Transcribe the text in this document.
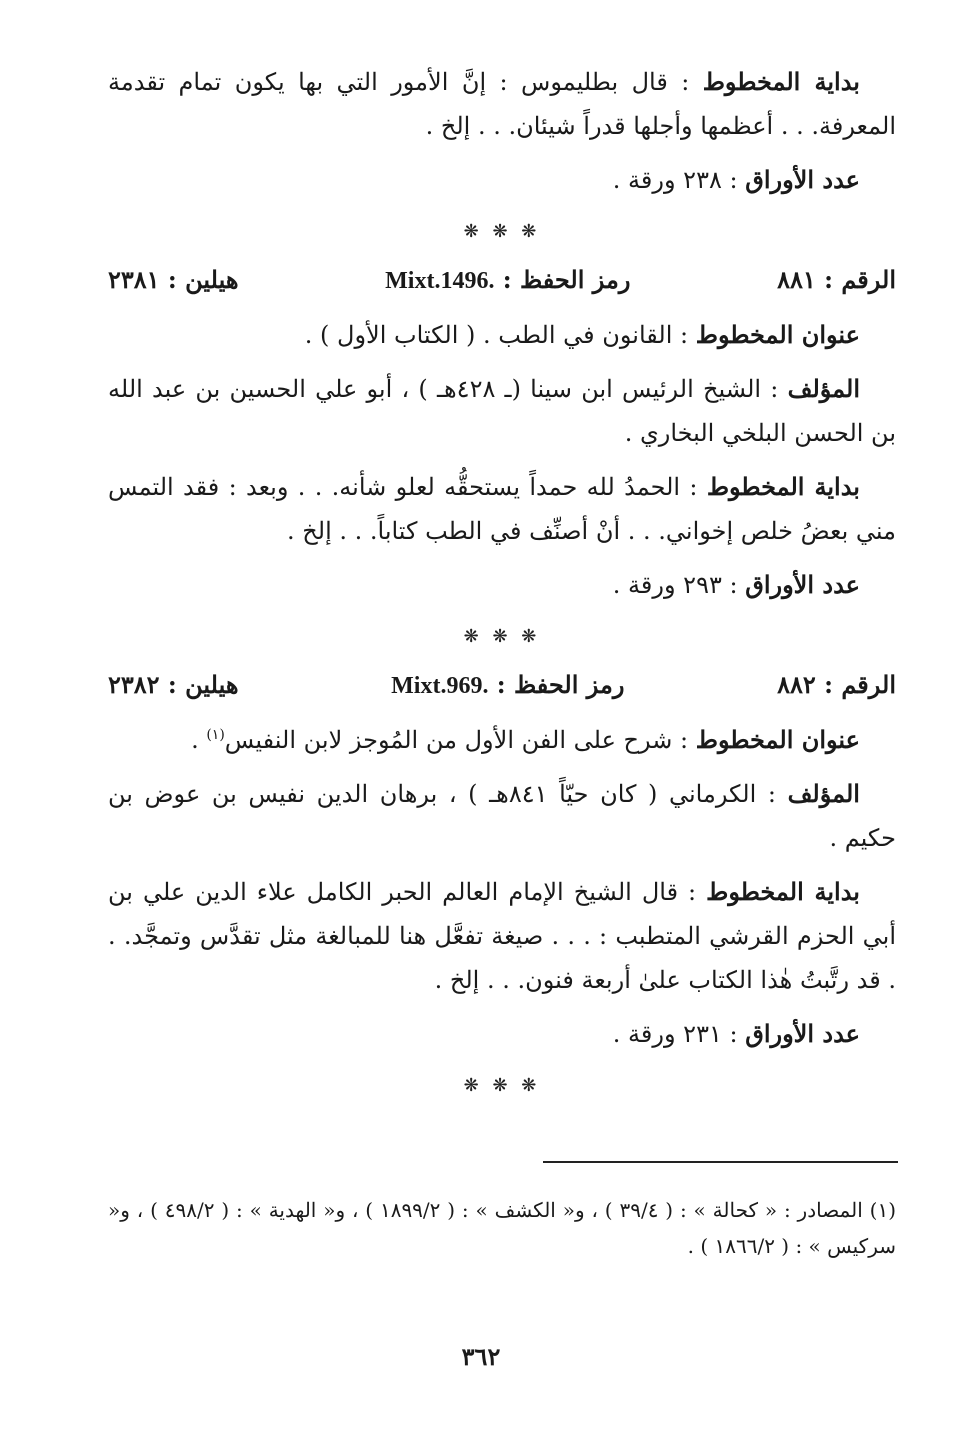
بداية المخطوط : قال بطليموس : إنَّ الأمور التي بها يكون تمام تقدمة المعرفة. . . أعظمها وأجلها قدراً شيئان. . . إلخ .

عدد الأوراق : ٢٣٨ ورقة .

❋ ❋ ❋
الرقم : ٨٨١
رمز الحفظ : Mixt.1496.
هيلين : ٢٣٨١

عنوان المخطوط : القانون في الطب . ( الكتاب الأول ) .

المؤلف : الشيخ الرئيس ابن سينا (ـ ٤٢٨هـ ) ، أبو علي الحسين بن عبد الله بن الحسن البلخي البخاري .

بداية المخطوط : الحمدُ لله حمداً يستحقُّه لعلو شأنه. . . وبعد : فقد التمس مني بعضُ خلص إخواني. . . أنْ أصنِّف في الطب كتاباً. . . إلخ .

عدد الأوراق : ٢٩٣ ورقة .

❋ ❋ ❋
الرقم : ٨٨٢
رمز الحفظ : Mixt.969.
هيلين : ٢٣٨٢

عنوان المخطوط : شرح على الفن الأول من المُوجز لابن النفيس$^{(١)}$ .

المؤلف : الكرماني ( كان حيّاً ٨٤١هـ ) ، برهان الدين نفيس بن عوض بن حكيم .

بداية المخطوط : قال الشيخ الإمام العالم الحبر الكامل علاء الدين علي بن أبي الحزم القرشي المتطبب : . . . صيغة تفعَّل هنا للمبالغة مثل تقدَّس وتمجَّد. . . قد رتَّبتُ هٰذا الكتاب علىٰ أربعة فنون. . . إلخ .

عدد الأوراق : ٢٣١ ورقة .

❋ ❋ ❋

(١) المصادر : « كحالة » : ( ٣٩/٤ ) ، و« الكشف » : ( ١٨٩٩/٢ ) ، و« الهدية » : ( ٤٩٨/٢ ) ، و« سركيس » : ( ١٨٦٦/٢ ) .

٣٦٢
